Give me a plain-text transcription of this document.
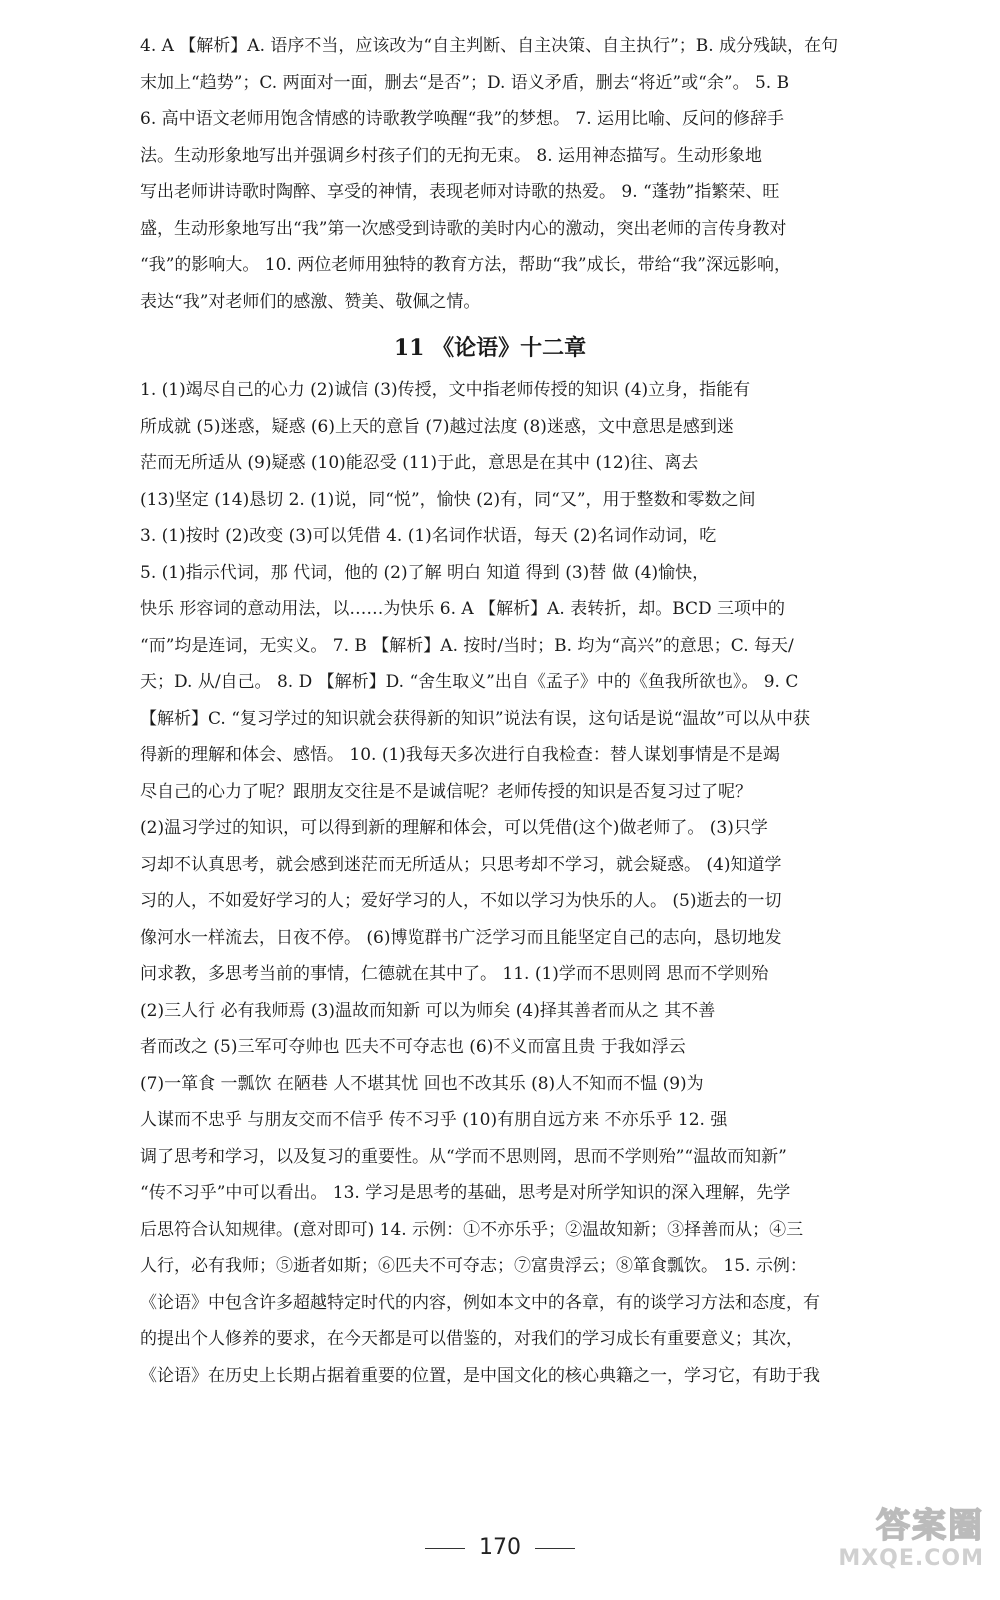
4. A 【解析】A. 语序不当，应该改为“自主判断、自主决策、自主执行”；B. 成分残缺，在句

末加上“趋势”；C. 两面对一面，删去“是否”；D. 语义矛盾，删去“将近”或“余”。 5. B

6. 高中语文老师用饱含情感的诗歌教学唤醒“我”的梦想。 7. 运用比喻、反问的修辞手

法。生动形象地写出并强调乡村孩子们的无拘无束。 8. 运用神态描写。生动形象地

写出老师讲诗歌时陶醉、享受的神情，表现老师对诗歌的热爱。 9. “蓬勃”指繁荣、旺

盛，生动形象地写出“我”第一次感受到诗歌的美时内心的激动，突出老师的言传身教对

“我”的影响大。 10. 两位老师用独特的教育方法，帮助“我”成长，带给“我”深远影响，

表达“我”对老师们的感激、赞美、敬佩之情。

11 《论语》十二章

1. (1)竭尽自己的心力 (2)诚信 (3)传授，文中指老师传授的知识 (4)立身，指能有

所成就 (5)迷惑，疑惑 (6)上天的意旨 (7)越过法度 (8)迷惑，文中意思是感到迷

茫而无所适从 (9)疑惑 (10)能忍受 (11)于此，意思是在其中 (12)往、离去

(13)坚定 (14)恳切 2. (1)说，同“悦”，愉快 (2)有，同“又”，用于整数和零数之间

3. (1)按时 (2)改变 (3)可以凭借 4. (1)名词作状语，每天 (2)名词作动词，吃

5. (1)指示代词，那 代词，他的 (2)了解 明白 知道 得到 (3)替 做 (4)愉快，

快乐 形容词的意动用法，以……为快乐 6. A 【解析】A. 表转折，却。BCD 三项中的

“而”均是连词，无实义。 7. B 【解析】A. 按时/当时；B. 均为“高兴”的意思；C. 每天/

天；D. 从/自己。 8. D 【解析】D. “舍生取义”出自《孟子》中的《鱼我所欲也》。 9. C

【解析】C. “复习学过的知识就会获得新的知识”说法有误，这句话是说“温故”可以从中获

得新的理解和体会、感悟。 10. (1)我每天多次进行自我检查：替人谋划事情是不是竭

尽自己的心力了呢？跟朋友交往是不是诚信呢？老师传授的知识是否复习过了呢？

(2)温习学过的知识，可以得到新的理解和体会，可以凭借(这个)做老师了。 (3)只学

习却不认真思考，就会感到迷茫而无所适从；只思考却不学习，就会疑惑。 (4)知道学

习的人，不如爱好学习的人；爱好学习的人，不如以学习为快乐的人。 (5)逝去的一切

像河水一样流去，日夜不停。 (6)博览群书广泛学习而且能坚定自己的志向，恳切地发

问求教，多思考当前的事情，仁德就在其中了。 11. (1)学而不思则罔 思而不学则殆

(2)三人行 必有我师焉 (3)温故而知新 可以为师矣 (4)择其善者而从之 其不善

者而改之 (5)三军可夺帅也 匹夫不可夺志也 (6)不义而富且贵 于我如浮云

(7)一箪食 一瓢饮 在陋巷 人不堪其忧 回也不改其乐 (8)人不知而不愠 (9)为

人谋而不忠乎 与朋友交而不信乎 传不习乎 (10)有朋自远方来 不亦乐乎 12. 强

调了思考和学习，以及复习的重要性。从“学而不思则罔，思而不学则殆”“温故而知新”

“传不习乎”中可以看出。 13. 学习是思考的基础，思考是对所学知识的深入理解，先学

后思符合认知规律。(意对即可) 14. 示例：①不亦乐乎；②温故知新；③择善而从；④三

人行，必有我师；⑤逝者如斯；⑥匹夫不可夺志；⑦富贵浮云；⑧箪食瓢饮。 15. 示例：

《论语》中包含许多超越特定时代的内容，例如本文中的各章，有的谈学习方法和态度，有

的提出个人修养的要求，在今天都是可以借鉴的，对我们的学习成长有重要意义；其次，

《论语》在历史上长期占据着重要的位置，是中国文化的核心典籍之一，学习它，有助于我

170
答案圈
MXQE.COM
